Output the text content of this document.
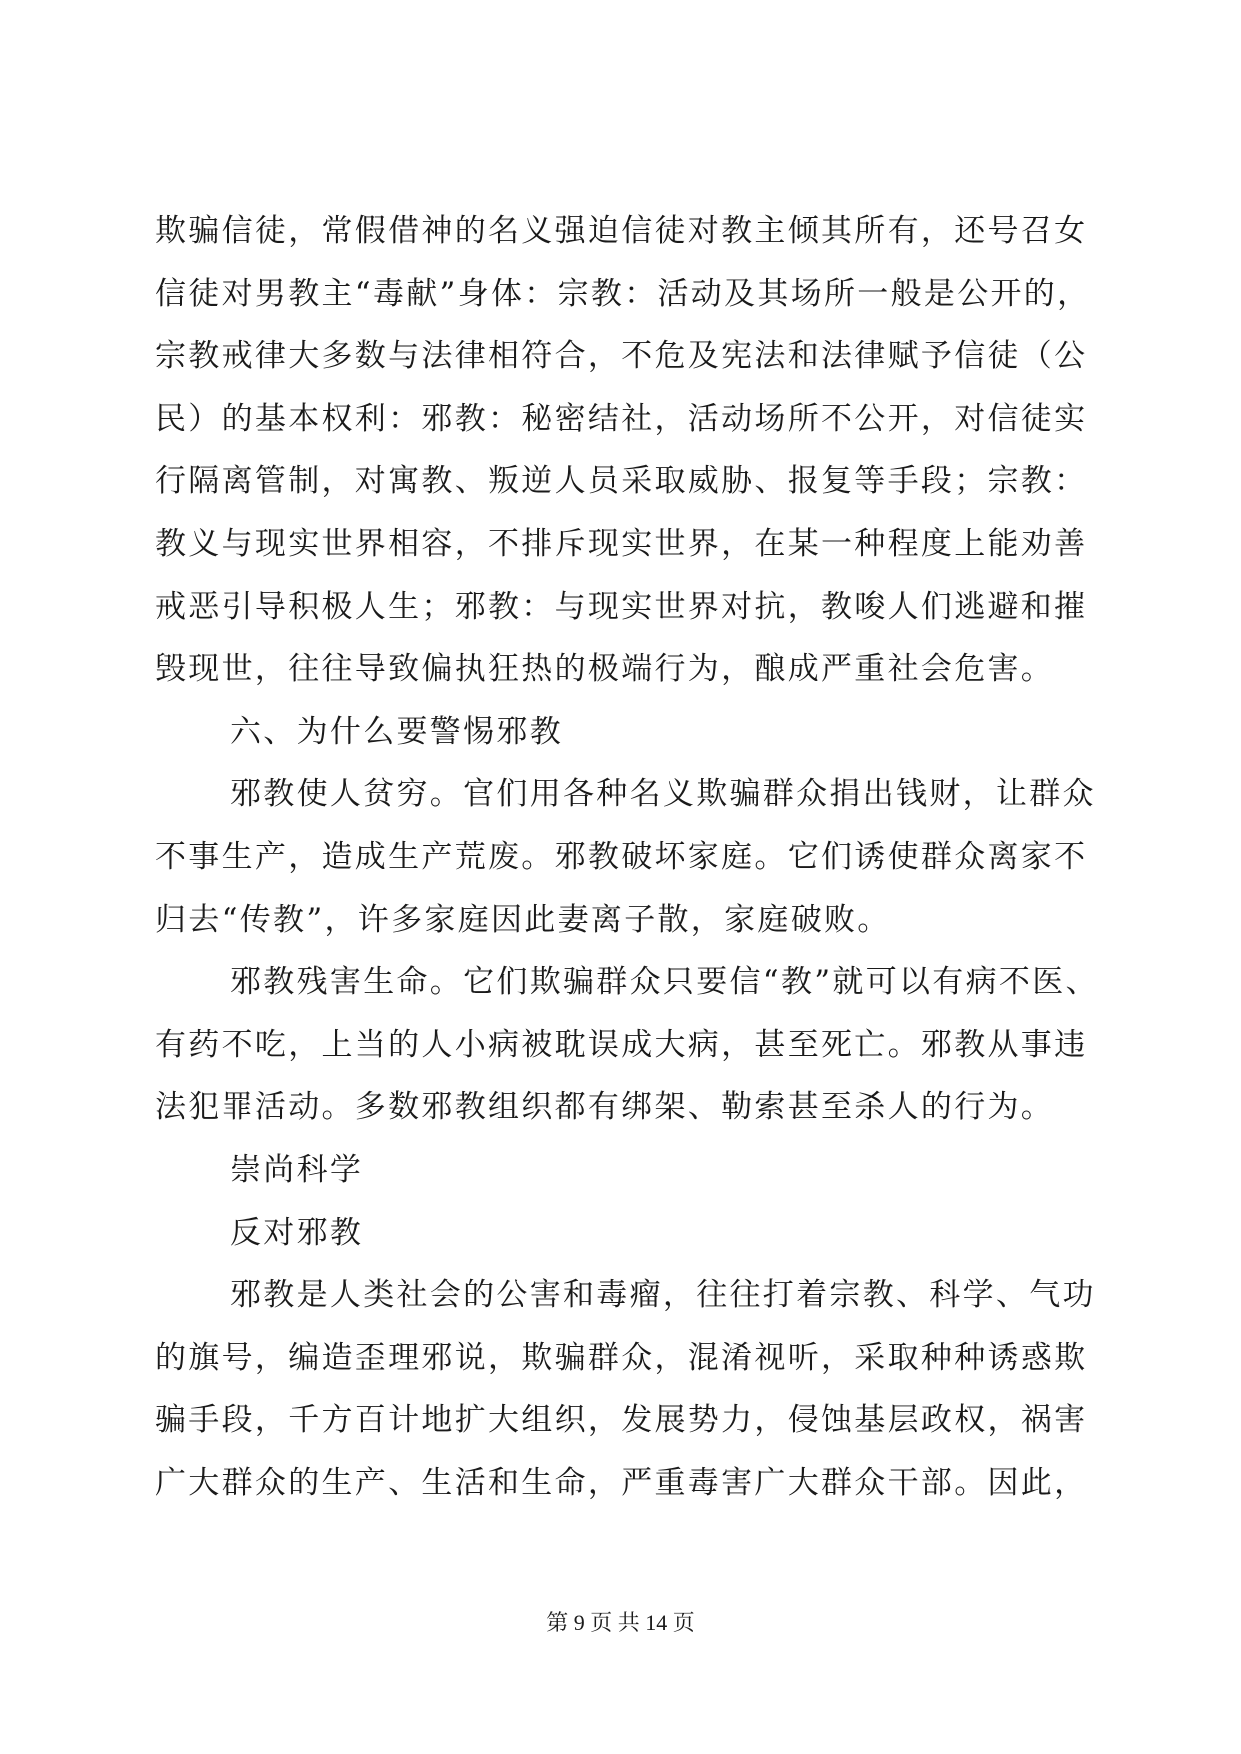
欺骗信徒，常假借神的名义强迫信徒对教主倾其所有，还号召女
信徒对男教主“毒献”身体：宗教：活动及其场所一般是公开的，
宗教戒律大多数与法律相符合，不危及宪法和法律赋予信徒（公
民）的基本权利：邪教：秘密结社，活动场所不公开，对信徒实
行隔离管制，对寓教、叛逆人员采取威胁、报复等手段；宗教：
教义与现实世界相容，不排斥现实世界，在某一种程度上能劝善
戒恶引导积极人生；邪教：与现实世界对抗，教唆人们逃避和摧
毁现世，往往导致偏执狂热的极端行为，酿成严重社会危害。
六、为什么要警惕邪教
邪教使人贫穷。官们用各种名义欺骗群众捐出钱财，让群众
不事生产，造成生产荒废。邪教破坏家庭。它们诱使群众离家不
归去“传教”，许多家庭因此妻离子散，家庭破败。
邪教残害生命。它们欺骗群众只要信“教”就可以有病不医、
有药不吃，上当的人小病被耽误成大病，甚至死亡。邪教从事违
法犯罪活动。多数邪教组织都有绑架、勒索甚至杀人的行为。
崇尚科学
反对邪教
邪教是人类社会的公害和毒瘤，往往打着宗教、科学、气功
的旗号，编造歪理邪说，欺骗群众，混淆视听，采取种种诱惑欺
骗手段，千方百计地扩大组织，发展势力，侵蚀基层政权，祸害
广大群众的生产、生活和生命，严重毒害广大群众干部。因此，
第 9 页 共 14 页
